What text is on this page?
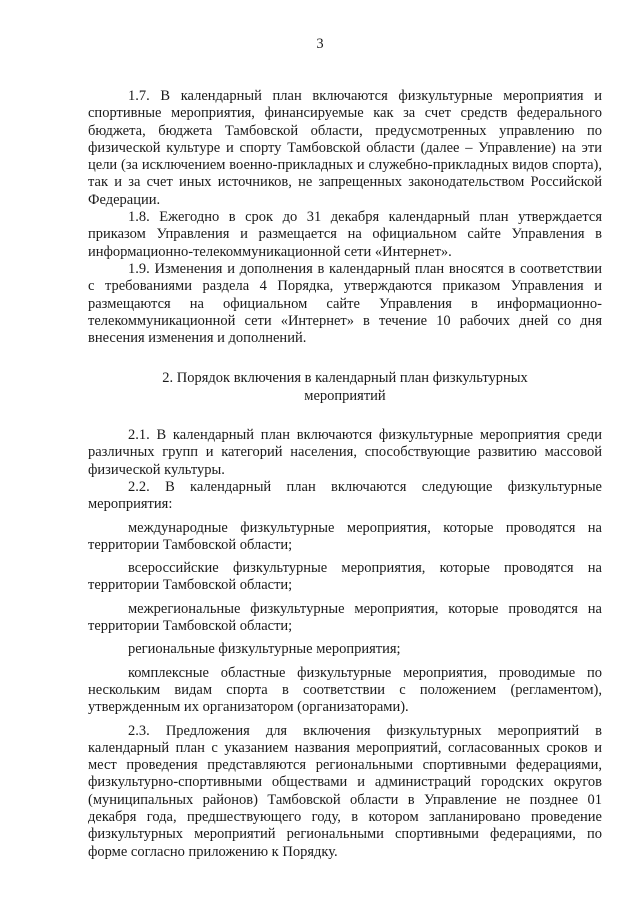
3

1.7. В календарный план включаются физкультурные мероприятия и спортивные мероприятия, финансируемые как за счет средств федерального бюджета, бюджета Тамбовской области, предусмотренных управлению по физической культуре и спорту Тамбовской области (далее – Управление) на эти цели (за исключением военно-прикладных и служебно-прикладных видов спорта), так и за счет иных источников, не запрещенных законодательством Российской Федерации.

1.8. Ежегодно в срок до 31 декабря календарный план утверждается приказом Управления и размещается на официальном сайте Управления в информационно-телекоммуникационной сети «Интернет».

1.9. Изменения и дополнения в календарный план вносятся в соответствии с требованиями раздела 4 Порядка, утверждаются приказом Управления и размещаются на официальном сайте Управления в информационно-телекоммуникационной сети «Интернет» в течение 10 рабочих дней со дня внесения изменения и дополнений.

2. Порядок включения в календарный план физкультурных мероприятий

2.1. В календарный план включаются физкультурные мероприятия среди различных групп и категорий населения, способствующие развитию массовой физической культуры.

2.2. В календарный план включаются следующие физкультурные мероприятия:

международные физкультурные мероприятия, которые проводятся на территории Тамбовской области;

всероссийские физкультурные мероприятия, которые проводятся на территории Тамбовской области;

межрегиональные физкультурные мероприятия, которые проводятся на территории Тамбовской области;

региональные физкультурные мероприятия;

комплексные областные физкультурные мероприятия, проводимые по нескольким видам спорта в соответствии с положением (регламентом), утвержденным их организатором (организаторами).

2.3. Предложения для включения физкультурных мероприятий в календарный план с указанием названия мероприятий, согласованных сроков и мест проведения представляются региональными спортивными федерациями, физкультурно-спортивными обществами и администраций городских округов (муниципальных районов) Тамбовской области в Управление не позднее 01 декабря года, предшествующего году, в котором запланировано проведение физкультурных мероприятий региональными спортивными федерациями, по форме согласно приложению к Порядку.
